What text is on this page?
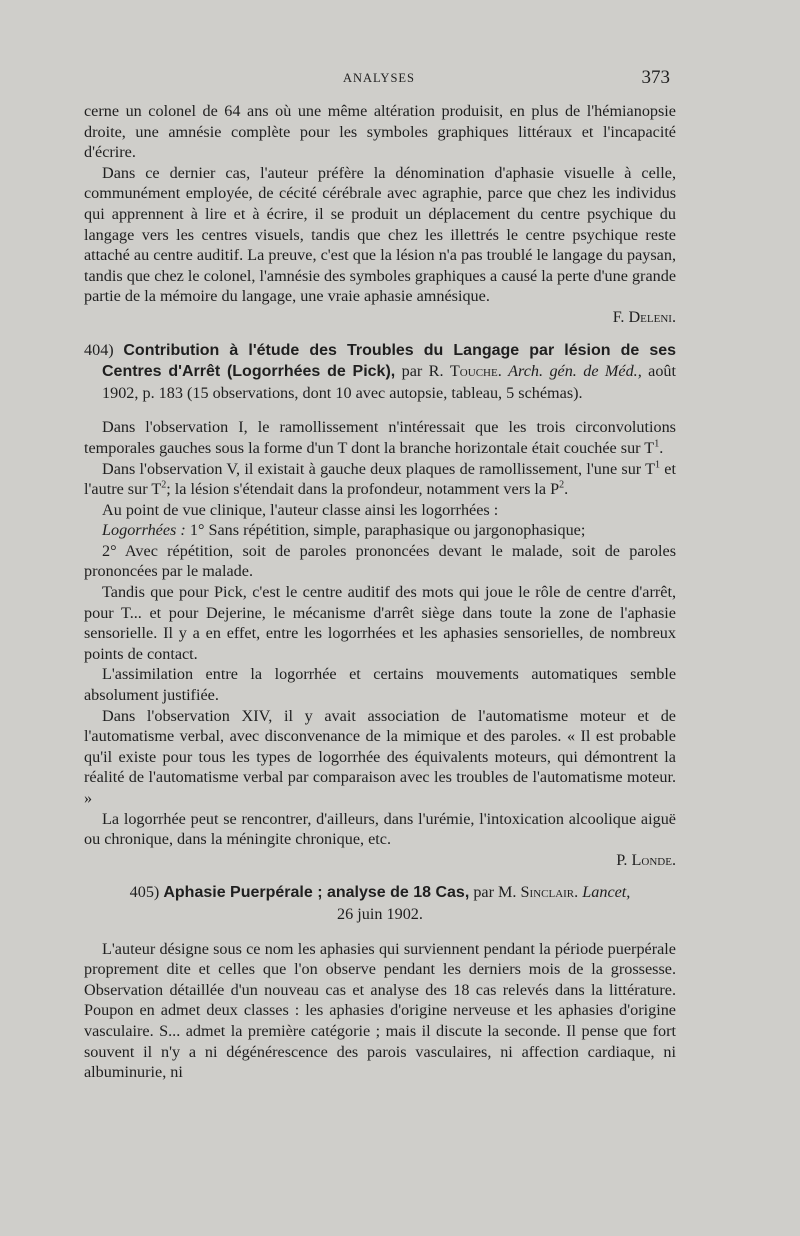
ANALYSES	373

cerne un colonel de 64 ans où une même altération produisit, en plus de l'hémianopsie droite, une amnésie complète pour les symboles graphiques littéraux et l'incapacité d'écrire.

Dans ce dernier cas, l'auteur préfère la dénomination d'aphasie visuelle à celle, communément employée, de cécité cérébrale avec agraphie, parce que chez les individus qui apprennent à lire et à écrire, il se produit un déplacement du centre psychique du langage vers les centres visuels, tandis que chez les illettrés le centre psychique reste attaché au centre auditif. La preuve, c'est que la lésion n'a pas troublé le langage du paysan, tandis que chez le colonel, l'amnésie des symboles graphiques a causé la perte d'une grande partie de la mémoire du langage, une vraie aphasie amnésique.

F. Deleni.

404) Contribution à l'étude des Troubles du Langage par lésion de ses Centres d'Arrêt (Logorrhées de Pick), par R. Touche. Arch. gén. de Méd., août 1902, p. 183 (15 observations, dont 10 avec autopsie, tableau, 5 schémas).

Dans l'observation I, le ramollissement n'intéressait que les trois circonvolutions temporales gauches sous la forme d'un T dont la branche horizontale était couchée sur $T^1$.

Dans l'observation V, il existait à gauche deux plaques de ramollissement, l'une sur $T^1$ et l'autre sur $T^2$; la lésion s'étendait dans la profondeur, notamment vers la $P^2$.

Au point de vue clinique, l'auteur classe ainsi les logorrhées :

Logorrhées : 1° Sans répétition, simple, paraphasique ou jargonophasique;

2° Avec répétition, soit de paroles prononcées devant le malade, soit de paroles prononcées par le malade.

Tandis que pour Pick, c'est le centre auditif des mots qui joue le rôle de centre d'arrêt, pour T... et pour Dejerine, le mécanisme d'arrêt siège dans toute la zone de l'aphasie sensorielle. Il y a en effet, entre les logorrhées et les aphasies sensorielles, de nombreux points de contact.

L'assimilation entre la logorrhée et certains mouvements automatiques semble absolument justifiée.

Dans l'observation XIV, il y avait association de l'automatisme moteur et de l'automatisme verbal, avec disconvenance de la mimique et des paroles. « Il est probable qu'il existe pour tous les types de logorrhée des équivalents moteurs, qui démontrent la réalité de l'automatisme verbal par comparaison avec les troubles de l'automatisme moteur. »

La logorrhée peut se rencontrer, d'ailleurs, dans l'urémie, l'intoxication alcoolique aiguë ou chronique, dans la méningite chronique, etc.

P. Londe.

405) Aphasie Puerpérale ; analyse de 18 Cas, par M. Sinclair. Lancet,
26 juin 1902.

L'auteur désigne sous ce nom les aphasies qui surviennent pendant la période puerpérale proprement dite et celles que l'on observe pendant les derniers mois de la grossesse. Observation détaillée d'un nouveau cas et analyse des 18 cas relevés dans la littérature. Poupon en admet deux classes : les aphasies d'origine nerveuse et les aphasies d'origine vasculaire. S... admet la première catégorie ; mais il discute la seconde. Il pense que fort souvent il n'y a ni dégénérescence des parois vasculaires, ni affection cardiaque, ni albuminurie, ni
